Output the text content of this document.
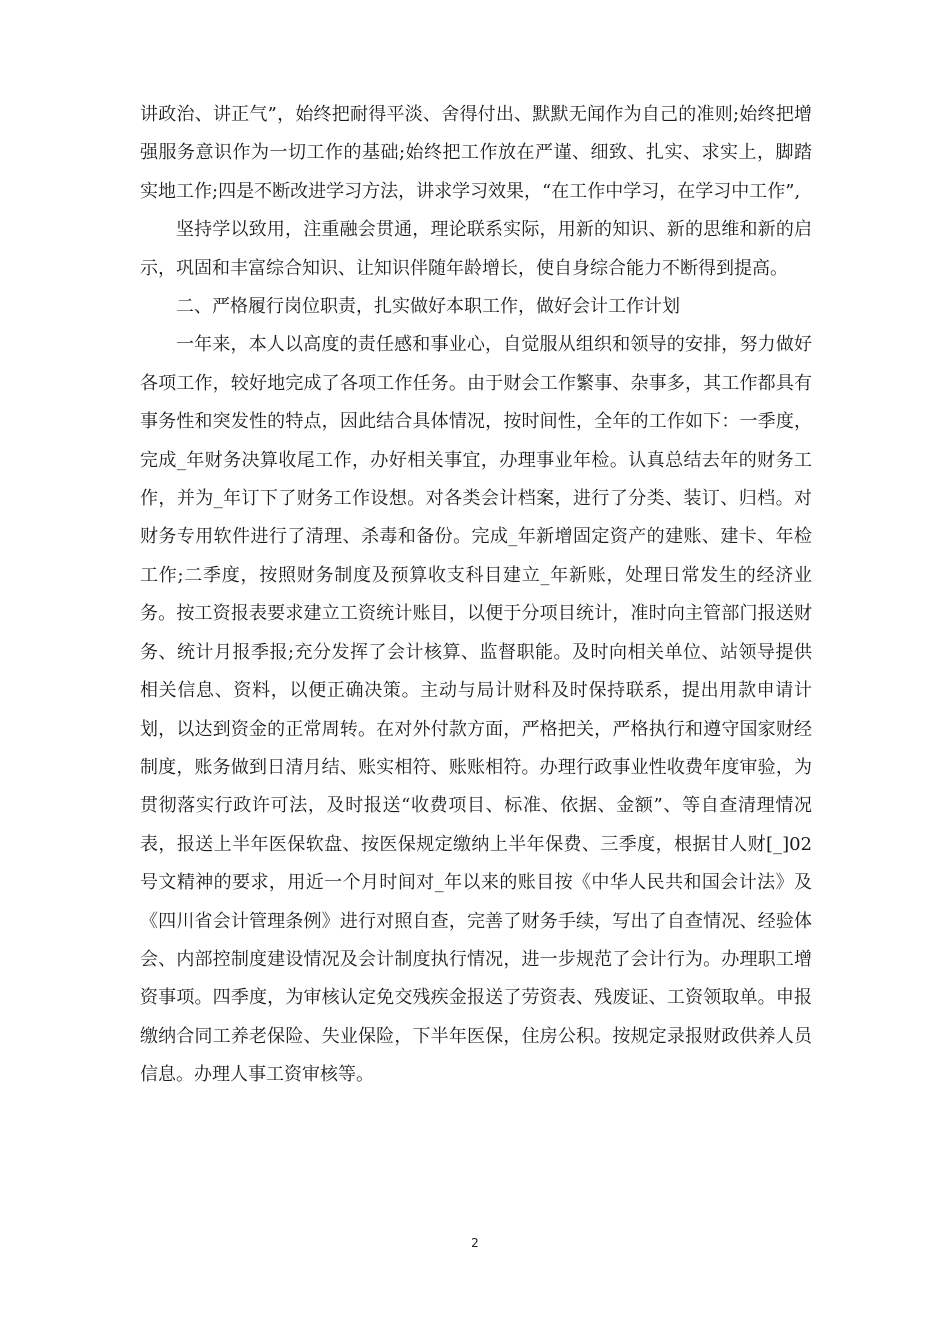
讲政治、讲正气”，始终把耐得平淡、舍得付出、默默无闻作为自己的准则;始终把增强服务意识作为一切工作的基础;始终把工作放在严谨、细致、扎实、求实上，脚踏实地工作;四是不断改进学习方法，讲求学习效果，“在工作中学习，在学习中工作”,

坚持学以致用，注重融会贯通，理论联系实际，用新的知识、新的思维和新的启示，巩固和丰富综合知识、让知识伴随年龄增长，使自身综合能力不断得到提高。

二、严格履行岗位职责，扎实做好本职工作，做好会计工作计划

一年来，本人以高度的责任感和事业心，自觉服从组织和领导的安排，努力做好各项工作，较好地完成了各项工作任务。由于财会工作繁事、杂事多，其工作都具有事务性和突发性的特点，因此结合具体情况，按时间性，全年的工作如下：一季度，完成_年财务决算收尾工作，办好相关事宜，办理事业年检。认真总结去年的财务工作，并为_年订下了财务工作设想。对各类会计档案，进行了分类、装订、归档。对财务专用软件进行了清理、杀毒和备份。完成_年新增固定资产的建账、建卡、年检工作;二季度，按照财务制度及预算收支科目建立_年新账，处理日常发生的经济业务。按工资报表要求建立工资统计账目，以便于分项目统计，准时向主管部门报送财务、统计月报季报;充分发挥了会计核算、监督职能。及时向相关单位、站领导提供相关信息、资料，以便正确决策。主动与局计财科及时保持联系，提出用款申请计划，以达到资金的正常周转。在对外付款方面，严格把关，严格执行和遵守国家财经制度，账务做到日清月结、账实相符、账账相符。办理行政事业性收费年度审验，为贯彻落实行政许可法，及时报送“收费项目、标准、依据、金额”、等自查清理情况表，报送上半年医保软盘、按医保规定缴纳上半年保费、三季度，根据甘人财[_]02号文精神的要求，用近一个月时间对_年以来的账目按《中华人民共和国会计法》及《四川省会计管理条例》进行对照自查，完善了财务手续，写出了自查情况、经验体会、内部控制度建设情况及会计制度执行情况，进一步规范了会计行为。办理职工增资事项。四季度，为审核认定免交残疾金报送了劳资表、残废证、工资领取单。申报缴纳合同工养老保险、失业保险，下半年医保，住房公积。按规定录报财政供养人员信息。办理人事工资审核等。

2
